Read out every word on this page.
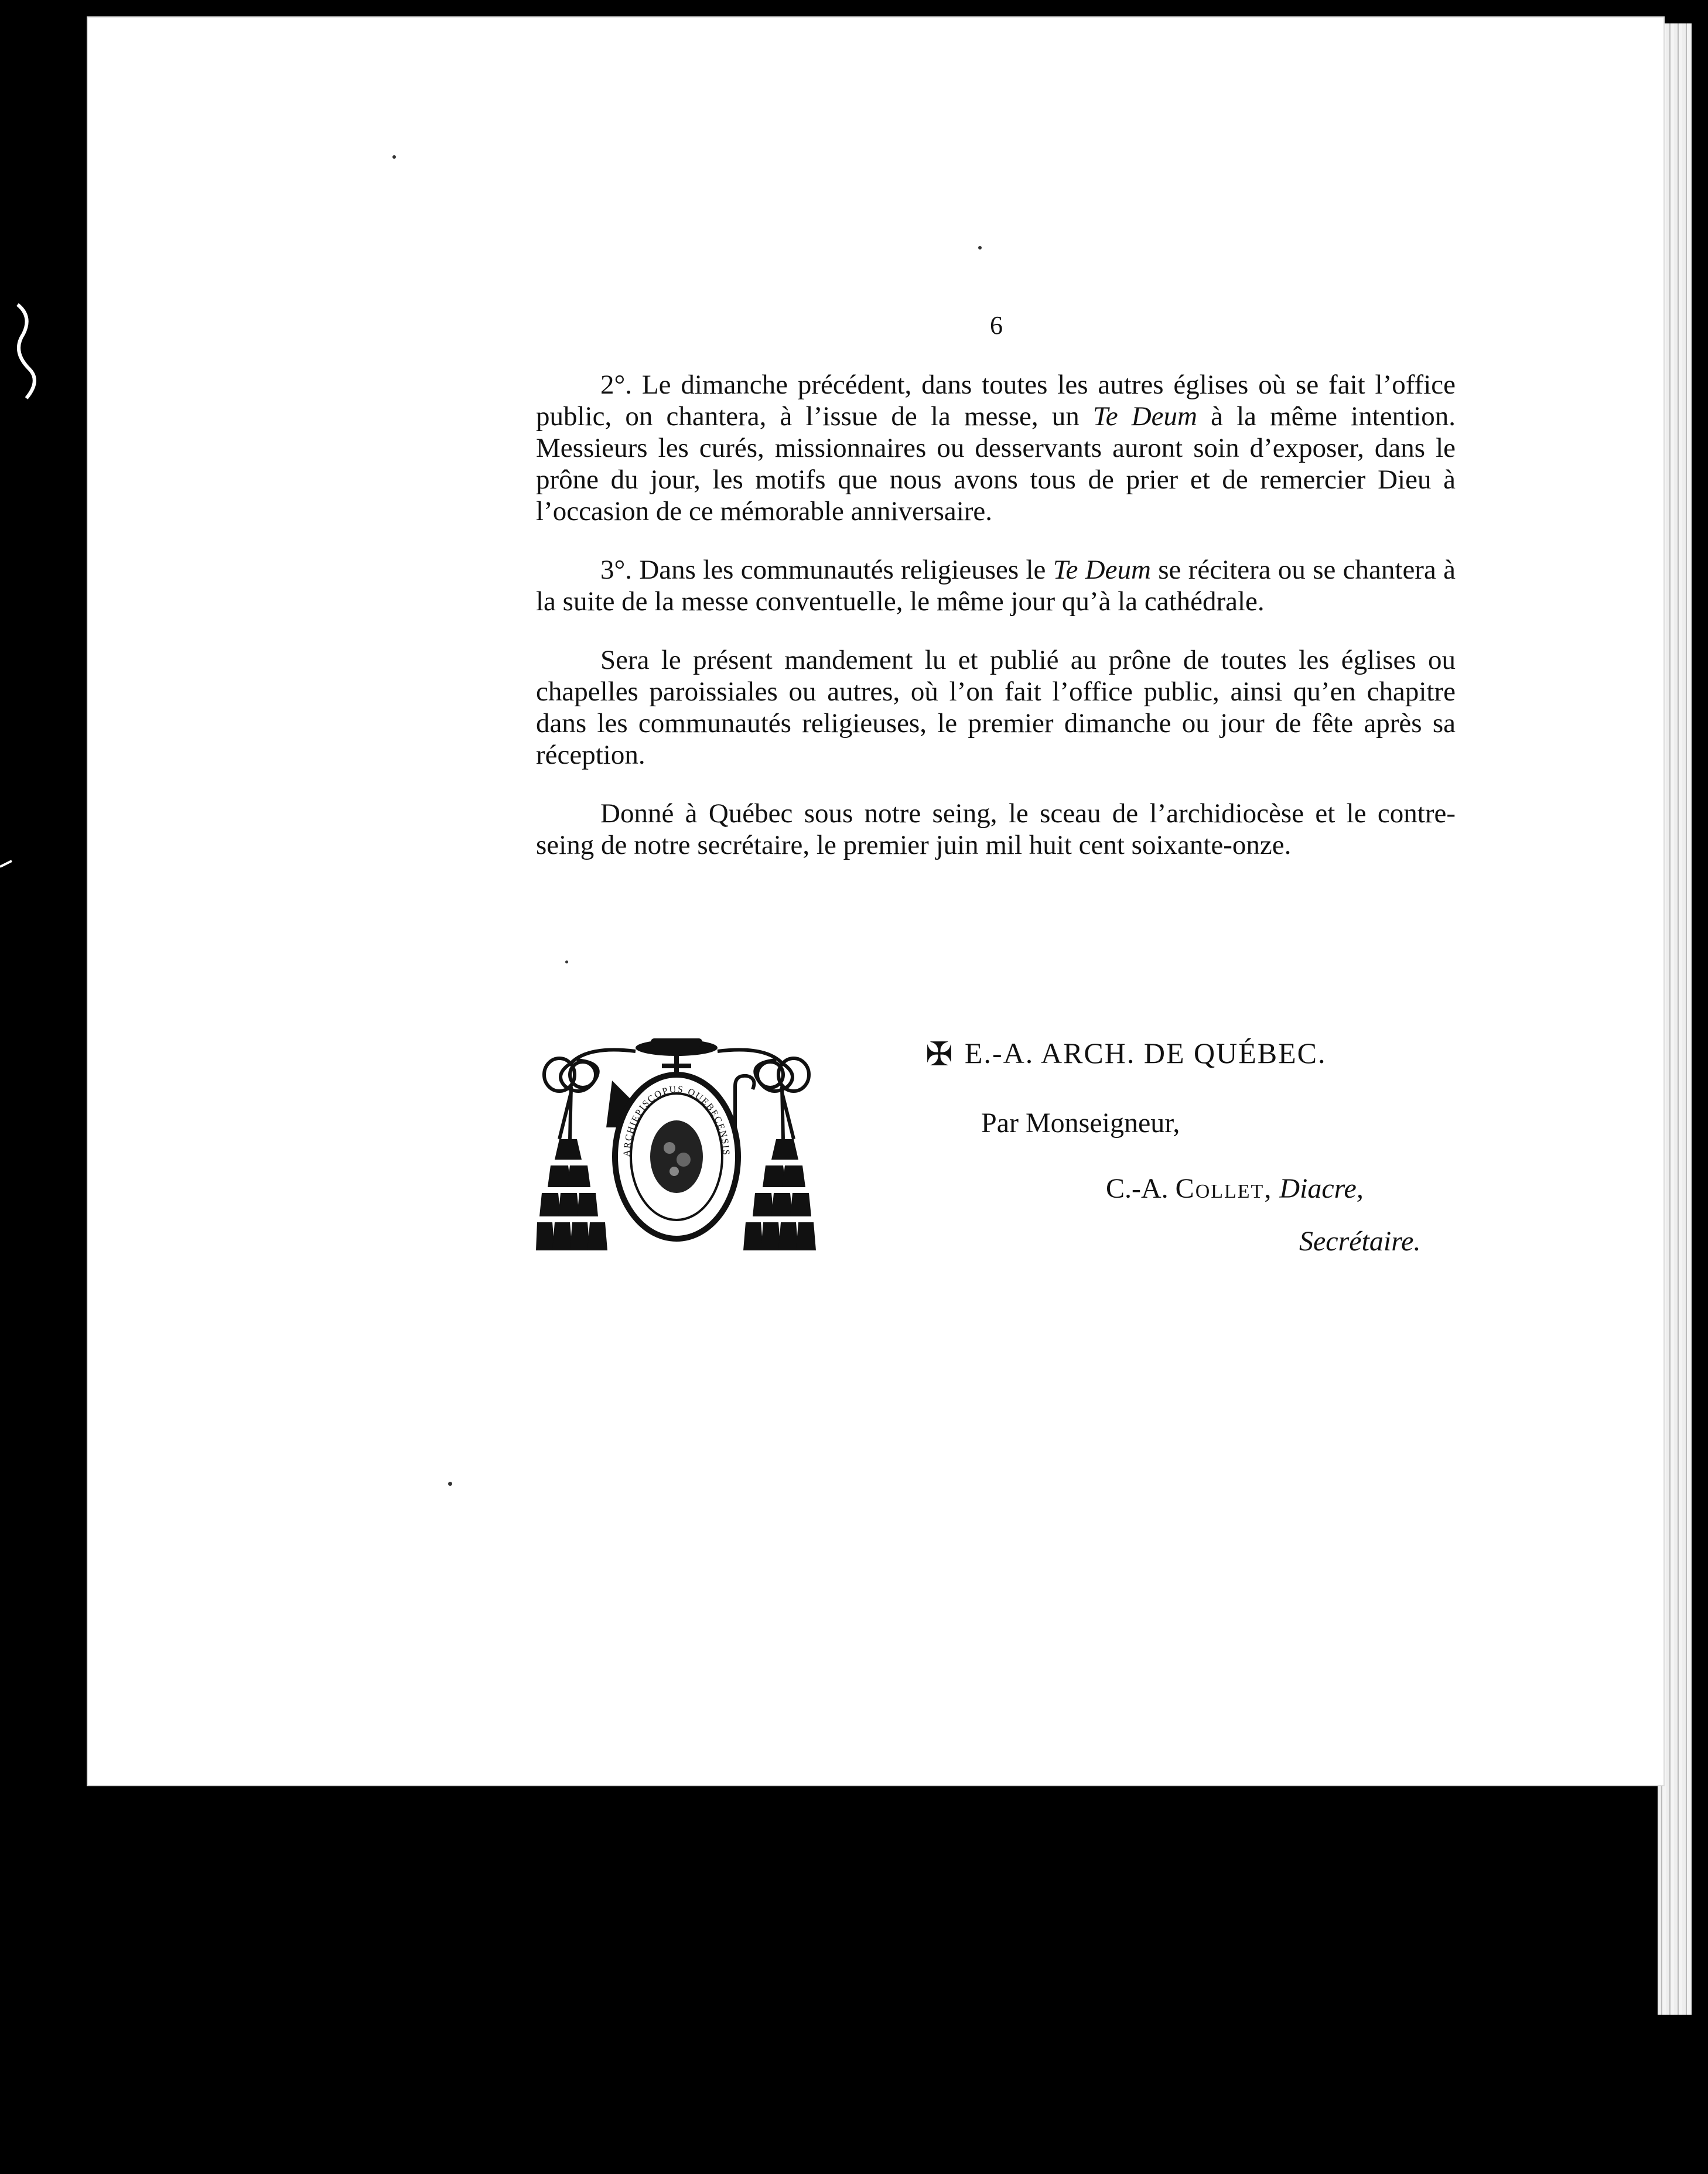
6

2°. Le dimanche précédent, dans toutes les autres églises où se fait l’office public, on chantera, à l’issue de la messe, un Te Deum à la même intention. Messieurs les curés, missionnaires ou desservants auront soin d’exposer, dans le prône du jour, les motifs que nous avons tous de prier et de remercier Dieu à l’occasion de ce mémorable anniversaire.

3°. Dans les communautés religieuses le Te Deum se récitera ou se chantera à la suite de la messe conventuelle, le même jour qu’à la cathédrale.

Sera le présent mandement lu et publié au prône de toutes les églises ou chapelles paroissiales ou autres, où l’on fait l’office public, ainsi qu’en chapitre dans les communautés religieuses, le premier dimanche ou jour de fête après sa réception.

Donné à Québec sous notre seing, le sceau de l’archidiocèse et le contre-seing de notre secrétaire, le premier juin mil huit cent soixante-onze.

ARCHIEPISCOPUS QUEBECENSIS
✠ E.-A. ARCH. DE QUÉBEC.
Par Monseigneur,
C.-A. Collet, Diacre,
Secrétaire.
